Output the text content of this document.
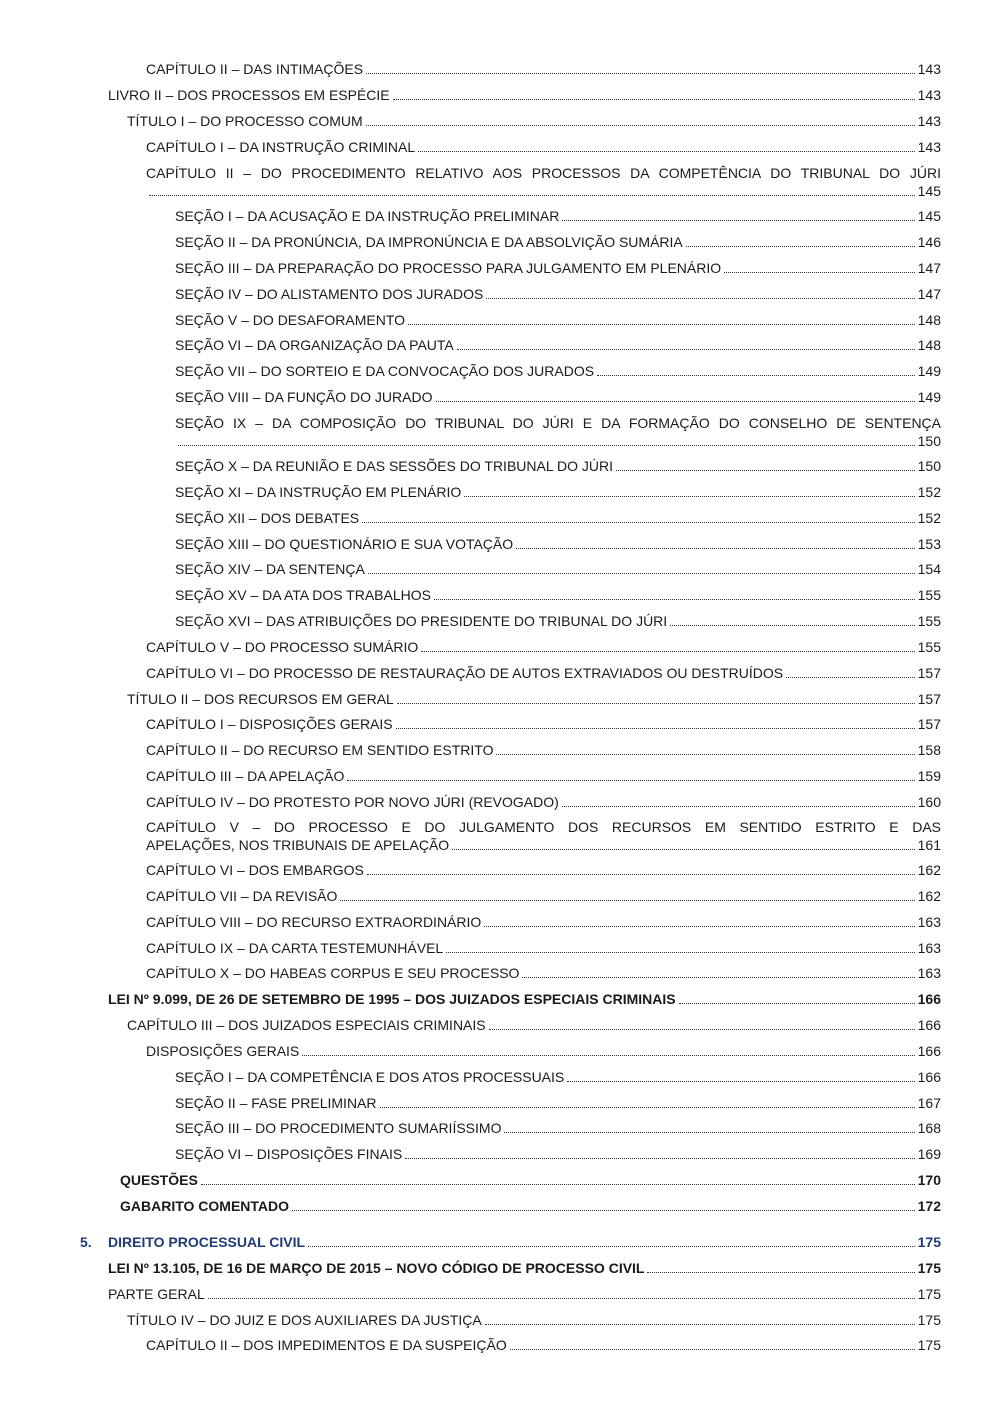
CAPÍTULO II – DAS INTIMAÇÕES	143
LIVRO II – DOS PROCESSOS EM ESPÉCIE	143
TÍTULO I – DO PROCESSO COMUM	143
CAPÍTULO I – DA INSTRUÇÃO CRIMINAL	143
CAPÍTULO II – DO PROCEDIMENTO RELATIVO AOS PROCESSOS DA COMPETÊNCIA DO TRIBUNAL DO JÚRI
145
SEÇÃO I – DA ACUSAÇÃO E DA INSTRUÇÃO PRELIMINAR	145
SEÇÃO II – DA PRONÚNCIA, DA IMPRONÚNCIA E DA ABSOLVIÇÃO SUMÁRIA	146
SEÇÃO III – DA PREPARAÇÃO DO PROCESSO PARA JULGAMENTO EM PLENÁRIO	147
SEÇÃO IV – DO ALISTAMENTO DOS JURADOS	147
SEÇÃO V – DO DESAFORAMENTO	148
SEÇÃO VI – DA ORGANIZAÇÃO DA PAUTA	148
SEÇÃO VII – DO SORTEIO E DA CONVOCAÇÃO DOS JURADOS	149
SEÇÃO VIII – DA FUNÇÃO DO JURADO	149
SEÇÃO IX – DA COMPOSIÇÃO DO TRIBUNAL DO JÚRI E DA FORMAÇÃO DO CONSELHO DE SENTENÇA
150
SEÇÃO X – DA REUNIÃO E DAS SESSÕES DO TRIBUNAL DO JÚRI	150
SEÇÃO XI – DA INSTRUÇÃO EM PLENÁRIO	152
SEÇÃO XII – DOS DEBATES	152
SEÇÃO XIII – DO QUESTIONÁRIO E SUA VOTAÇÃO	153
SEÇÃO XIV – DA SENTENÇA	154
SEÇÃO XV – DA ATA DOS TRABALHOS	155
SEÇÃO XVI – DAS ATRIBUIÇÕES DO PRESIDENTE DO TRIBUNAL DO JÚRI	155
CAPÍTULO V – DO PROCESSO SUMÁRIO	155
CAPÍTULO VI – DO PROCESSO DE RESTAURAÇÃO DE AUTOS EXTRAVIADOS OU DESTRUÍDOS	157
TÍTULO II – DOS RECURSOS EM GERAL	157
CAPÍTULO I – DISPOSIÇÕES GERAIS	157
CAPÍTULO II – DO RECURSO EM SENTIDO ESTRITO	158
CAPÍTULO III – DA APELAÇÃO	159
CAPÍTULO IV – DO PROTESTO POR NOVO JÚRI (REVOGADO)	160
CAPÍTULO V – DO PROCESSO E DO JULGAMENTO DOS RECURSOS EM SENTIDO ESTRITO E DAS
APELAÇÕES, NOS TRIBUNAIS DE APELAÇÃO	161
CAPÍTULO VI – DOS EMBARGOS	162
CAPÍTULO VII – DA REVISÃO	162
CAPÍTULO VIII – DO RECURSO EXTRAORDINÁRIO	163
CAPÍTULO IX – DA CARTA TESTEMUNHÁVEL	163
CAPÍTULO X – DO HABEAS CORPUS E SEU PROCESSO	163
LEI Nº 9.099, DE 26 DE SETEMBRO DE 1995 – DOS JUIZADOS ESPECIAIS CRIMINAIS	166
CAPÍTULO III – DOS JUIZADOS ESPECIAIS CRIMINAIS	166
DISPOSIÇÕES GERAIS	166
SEÇÃO I – DA COMPETÊNCIA E DOS ATOS PROCESSUAIS	166
SEÇÃO II – FASE PRELIMINAR	167
SEÇÃO III – DO PROCEDIMENTO SUMARIÍSSIMO	168
SEÇÃO VI – DISPOSIÇÕES FINAIS	169
QUESTÕES	170
GABARITO COMENTADO	172
5. DIREITO PROCESSUAL CIVIL	175
LEI Nº 13.105, DE 16 DE MARÇO DE 2015 – NOVO CÓDIGO DE PROCESSO CIVIL	175
PARTE GERAL	175
TÍTULO IV – DO JUIZ E DOS AUXILIARES DA JUSTIÇA	175
CAPÍTULO II – DOS IMPEDIMENTOS E DA SUSPEIÇÃO	175
